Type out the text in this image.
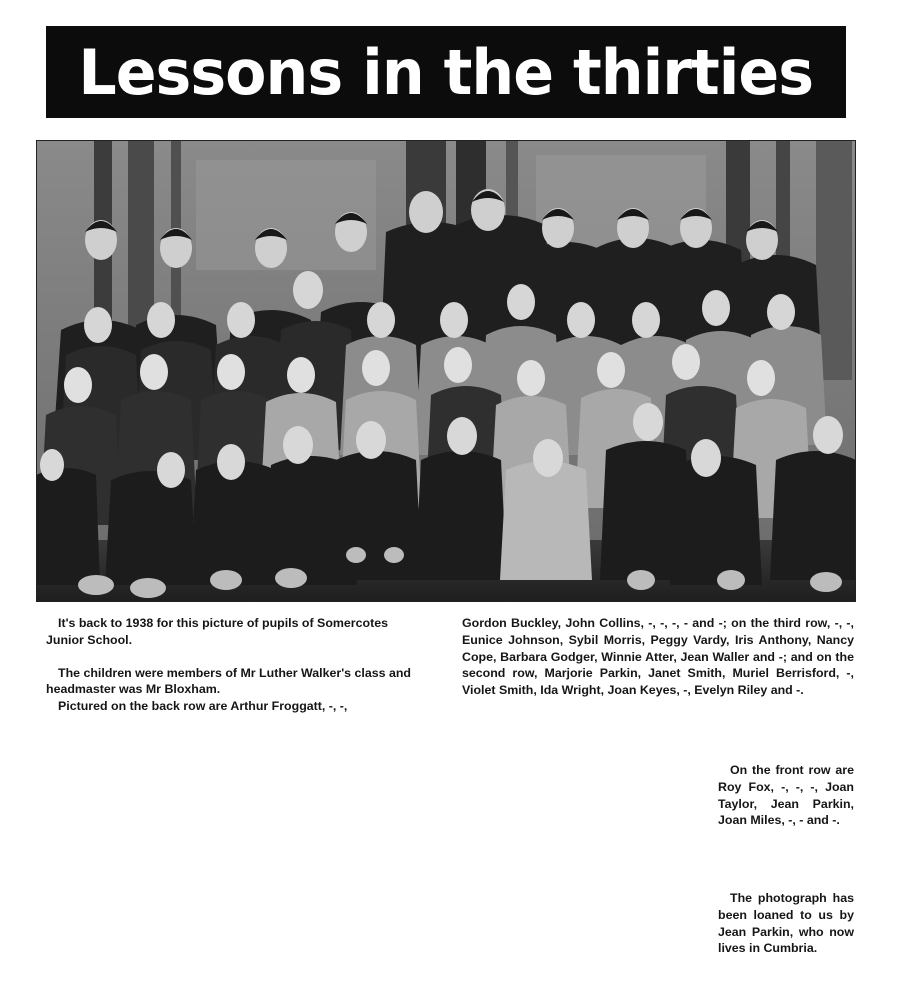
Lessons in the thirties

It's back to 1938 for this picture of pupils of Somercotes Junior School.

The children were members of Mr Luther Walker's class and headmaster was Mr Bloxham.

Pictured on the back row are Arthur Froggatt, -, -,

Gordon Buckley, John Collins, -, -, -, - and -; on the third row, -, -, Eunice Johnson, Sybil Morris, Peggy Vardy, Iris Anthony, Nancy Cope, Barbara Godger, Winnie Atter, Jean Waller and -; and on the second row, Marjorie Parkin, Janet Smith, Muriel Berrisford, -, Violet Smith, Ida Wright, Joan Keyes, -, Evelyn Riley and -.

On the front row are Roy Fox, -, -, -, Joan Taylor, Jean Parkin, Joan Miles, -, - and -.

The photograph has been loaned to us by Jean Parkin, who now lives in Cumbria.
